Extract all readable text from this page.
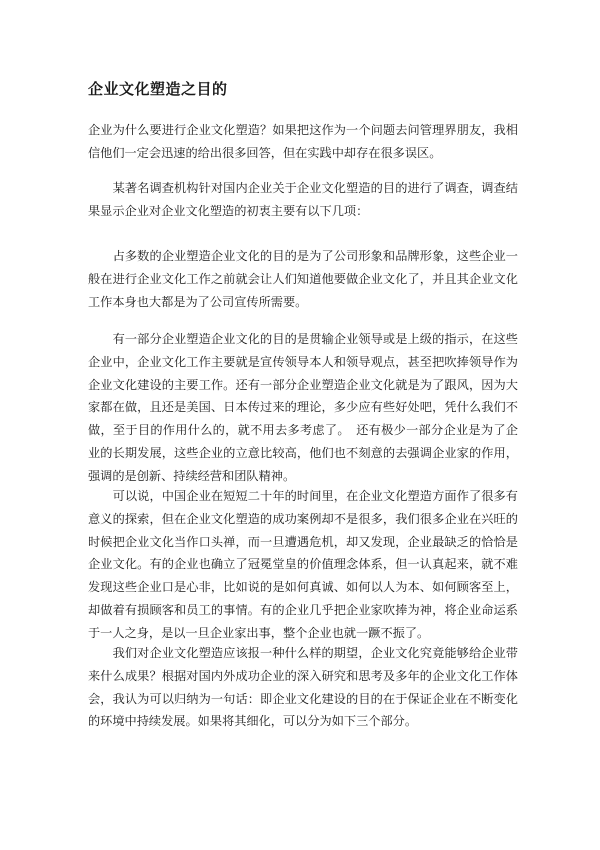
企业文化塑造之目的

企业为什么要进行企业文化塑造？如果把这作为一个问题去问管理界朋友，我相信他们一定会迅速的给出很多回答，但在实践中却存在很多误区。

　　某著名调查机构针对国内企业关于企业文化塑造的目的进行了调查，调查结果显示企业对企业文化塑造的初衷主要有以下几项：

　　占多数的企业塑造企业文化的目的是为了公司形象和品牌形象，这些企业一般在进行企业文化工作之前就会让人们知道他要做企业文化了，并且其企业文化工作本身也大都是为了公司宣传所需要。

　　有一部分企业塑造企业文化的目的是贯输企业领导或是上级的指示，在这些企业中，企业文化工作主要就是宣传领导本人和领导观点，甚至把吹捧领导作为企业文化建设的主要工作。还有一部分企业塑造企业文化就是为了跟风，因为大家都在做，且还是美国、日本传过来的理论，多少应有些好处吧，凭什么我们不做，至于目的作用什么的，就不用去多考虑了。　还有极少一部分企业是为了企业的长期发展，这些企业的立意比较高，他们也不刻意的去强调企业家的作用，强调的是创新、持续经营和团队精神。

　　可以说，中国企业在短短二十年的时间里，在企业文化塑造方面作了很多有意义的探索，但在企业文化塑造的成功案例却不是很多，我们很多企业在兴旺的时候把企业文化当作口头禅，而一旦遭遇危机，却又发现，企业最缺乏的恰恰是企业文化。有的企业也确立了冠冕堂皇的价值理念体系，但一认真起来，就不难发现这些企业口是心非，比如说的是如何真诚、如何以人为本、如何顾客至上，却做着有损顾客和员工的事情。有的企业几乎把企业家吹捧为神，将企业命运系于一人之身，是以一旦企业家出事，整个企业也就一蹶不振了。

　　我们对企业文化塑造应该报一种什么样的期望，企业文化究竟能够给企业带来什么成果？根据对国内外成功企业的深入研究和思考及多年的企业文化工作体会，我认为可以归纳为一句话：即企业文化建设的目的在于保证企业在不断变化的环境中持续发展。如果将其细化，可以分为如下三个部分。
